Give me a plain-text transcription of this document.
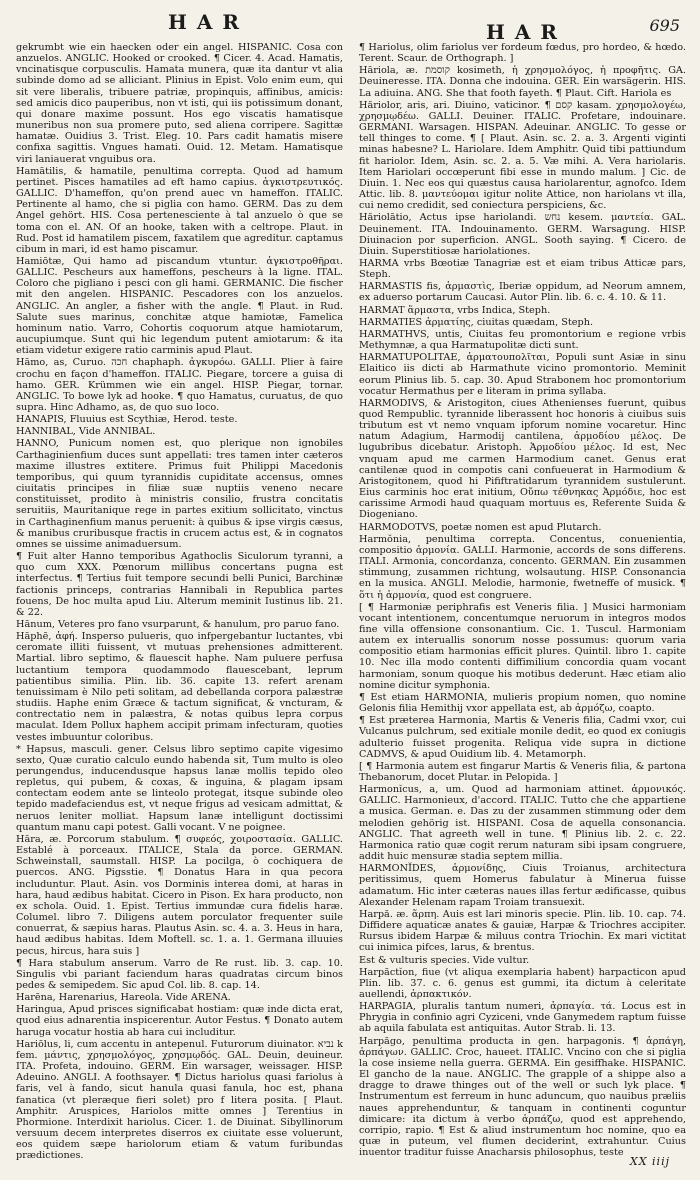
HAR	HAR	695

gekrumbt wie ein haecken oder ein angel. HISPANIC. Cosa con anzuelos. ANGLIC. Hooked or crooked. ¶ Cicer. 4. Acad. Hamatis, vncinatisque corpusculis. Hamata munera, quæ ita dantur vt alia subinde domo ad se alliciant. Plinius in Epist. Volo enim eum, qui sit vere liberalis, tribuere patriæ, propinquis, affinibus, amicis: sed amicis dico pauperibus, non vt isti, qui iis potissimum donant, qui donare maxime possunt. Hos ego viscatis hamatisque muneribus non sua promere puto, sed aliena corripere. Sagittæ hamatæ. Ouidius 3. Trist. Eleg. 10. Pars cadit hamatis misere confixa sagittis. Vngues hamati. Ouid. 12. Metam. Hamatisque viri laniauerat vnguibus ora.

Hamātilis, & hamatile, penultima correpta. Quod ad hamum pertinet. Pisces hamatiles ad eft hamo capius. ἀγκιστρευτικός. GALLIC. D'hameffon, qu'on prend auec vn hameffon. ITALIC. Pertinente al hamo, che si piglia con hamo. GERM. Das zu dem Angel gehört. HIS. Cosa pertenesciente à tal anzuelo ò que se toma con el. AN. Of an hooke, taken with a celtrope. Plaut. in Rud. Post id hamatilem piscem, faxatilem que agreditur. captamus cibum in mari, id est hamo piscamur.

Hamiōtæ, Qui hamo ad piscandum vtuntur. ἀγκιστροθῆραι. GALLIC. Pescheurs aux hameffons, pescheurs à la ligne. ITAL. Coloro che pigliano i pesci con gli hami. GERMANIC. Die fischer mit den angelen. HISPANIC. Pescadores con los anzuelos. ANGLIC. An angler, a fisher with the angle. ¶ Plaut. in Rud. Salute sues marinus, conchitæ atque hamiotæ, Famelica hominum natio. Varro, Cohortis coquorum atque hamiotarum, aucupiumque. Sunt qui hic legendum putent amiotarum: & ita etiam videtur exigere ratio carminis apud Plaut.

Hāmo, as, Curuo. חכה chaphaph. ἀγκυρόω. GALLI. Plier à faire crochu en façon d'hameffon. ITALIC. Piegare, torcere a guisa di hamo. GER. Krümmen wie ein angel. HISP. Piegar, tornar. ANGLIC. To bowe lyk ad hooke. ¶ quo Hamatus, curuatus, de quo supra. Hinc Adhamo, as, de quo suo loco.

HANAPIS, Fluuius est Scythiæ, Herod. teste.

HANNIBAL, Vide ANNIBAL.

HANNO, Punicum nomen est, quo plerique non ignobiles Carthaginienfium duces sunt appellati: tres tamen inter cæteros maxime illustres extitere. Primus fuit Philippi Macedonis temporibus, qui quum tyrannidis cupiditate accensus, omnes ciuitatis principes in filiæ suæ nuptiis veneno necare constituisset, prodito à ministris consilio, frustra concitatis seruitiis, Mauritanique rege in partes exitium sollicitato, vinctus in Carthaginenfium manus peruenit: à quibus & ipse virgis cæsus, & manibus cruribusque fractis in crucem actus est, & in cognatos omnes se uissime animaduersum.

¶ Fuit alter Hanno temporibus Agathoclis Siculorum tyranni, a quo cum XXX. Pœnorum millibus concertans pugna est interfectus. ¶ Tertius fuit tempore secundi belli Punici, Barchinæ factionis princeps, contrarias Hannibali in Republica partes fouens, De hoc multa apud Liu. Alterum meminit Iustinus lib. 21. & 22.

Hānum, Veteres pro fano vsurparunt, & hanulum, pro paruo fano.

Hāphē, ἁφή. Insperso pulueris, quo infpergebantur luctantes, vbi ceromate illiti fuissent, vt mutuas prehensiones admitterent. Martial. libro septimo, & flauescit haphe. Nam puluere perfusa luctantium tempora quodammodo flauescebant, leprum patientibus similia. Plin. lib. 36. capite 13. refert arenam tenuissimam è Nilo peti solitam, ad debellanda corpora palæstræ studiis. Haphe enim Græce & tactum significat, & vncturam, & contrectatio nem in palæstra, & notas quibus lepra corpus maculat. Idem Pollux haphem accipit primam infecturam, quoties vestes imbuuntur coloribus.

* Hapsus, masculi. gener. Celsus libro septimo capite vigesimo sexto, Quæ curatio calculo eundo habenda sit, Tum multo is oleo perungendus, inducendusque hapsus lanæ mollis tepido oleo repletus, qui pubem, & coxas, & inguina, & plagam ipsam contectam eodem ante se linteolo protegat, itsque subinde oleo tepido madefaciendus est, vt neque frigus ad vesicam admittat, & neruos leniter molliat. Hapsum lanæ intelligunt doctissimi quantum manu capi potest. Galli vocant. V ne poignee.

Hāra, æ. Porcorum stabulum. ¶ συφεός, χοιροστασία. GALLIC. Establé à porceaux. ITALICE, Stala da porce. GERMAN. Schweinstall, saumstall. HISP. La pocilga, ò cochiquera de puercos. ANG. Pigsstie. ¶ Donatus Hara in qua pecora includuntur. Plaut. Asin. vos Dorminis interea domi, at haras in hara, haud ædibus habitat. Cicero in Pison. Ex hara producto, non ex schola. Ouid. 1. Epist. Tertius immundæ cura fidelis haræ. Columel. libro 7. Diligens autem porculator frequenter suile conuerrat, & sæpius haras. Plautus Asin. sc. 4. a. 3. Heus in hara, haud ædibus habitas. Idem Moftell. sc. 1. a. 1. Germana illuuies pecus, hircus, hara suis ]

¶ Hara stabulum anserum. Varro de Re rust. lib. 3. cap. 10. Singulis vbi pariant faciendum haras quadratas circum binos pedes & semipedem. Sic apud Col. lib. 8. cap. 14.

Harēna, Harenarius, Hareola. Vide ARENA.

Haringua, Apud prisces significabat hostiam: quæ inde dicta erat, quod eius adnarentia inspicerentur. Autor Festus. ¶ Donato autem haruga vocatur hostia ab hara cui includitur.

Hariōlus, li, cum accentu in antepenul. Futurorum diuinator. נביא k fem. μάντις, χρησμολόγος, χρησμῳδός. GAL. Deuin, deuineur. ITA. Profeta, indouino. GERM. Ein warsager, weissager. HISP. Adeuino. ANGLI. A foothsayer. ¶ Dictus hariolus quasi fariolus à faris, vel à fando, sicut hanula quasi fanula, hoc est, phana fanatica (vt pleræque fieri solet) pro f litera posita. [ Plaut. Amphitr. Aruspices, Hariolos mitte omnes ] Terentius in Phormione. Interdixit hariolus. Cicer. 1. de Diuinat. Sibyllinorum versuum decem interpretes diserros ex ciuitate esse voluerunt, eos quidem sæpe hariolorum etiam & vatum furibundas prædictiones.

¶ Hariolus, olim fariolus ver fordeum fœdus, pro hordeo, & hœdo. Terent. Scaur. de Orthograph. ]

Hāriola, æ. קוסמת kosimeth, ἡ χρησμολόγος, ἡ προφῆτις. GA. Deuineresse. ITA. Donna che indouina. GER. Ein warsägerin. HIS. La adiuina. ANG. She that footh fayeth. ¶ Plaut. Cift. Hariola es

Hăriolor, aris, ari. Diuino, vaticinor. ¶ קסם kasam. χρησμολογέω, χρησμῳδέω. GALLI. Deuiner. ITALIC. Profetare, indouinare. GERMANI. Warsagen. HISPAN. Adeuinar. ANGLIC. To gesse or tell thinges to come. ¶ [ Plaut. Asin. sc. 2. a. 3. Argenti viginti minas habesne? L. Hariolare. Idem Amphitr. Quid tibi pattiundum fit hariolor. Idem, Asin. sc. 2. a. 5. Væ mihi. A. Vera hariolaris. Item Hariolari occœperunt fibi esse in mundo malum. ] Cic. de Diuin. 1. Nec eos qui quæstus causa hariolarentur, agnofco. Idem Attic. lib. 8. μαντεύομαι igitur nolite Attice, non hariolans vt illa, cui nemo credidit, sed coniectura perspiciens, &c.

Hăriolātio, Actus ipse hariolandi. נחש kesem. μαντεία. GAL. Deuinement. ITA. Indouinamento. GERM. Warsagung. HISP. Diuinacion por superficion. ANGL. Sooth saying. ¶ Cicero. de Diuin. Superstitiosæ hariolationes.

HARMA vrbs Bœotiæ Tanagriæ est et eiam tribus Atticæ pars, Steph.

HARMASTIS fis, ἁρμαστὶς, Iberiæ oppidum, ad Neorum amnem, ex aduerso portarum Caucasi. Autor Plin. lib. 6. c. 4. 10. & 11.

HARMAT ἅρμαστα, vrbs Indica, Steph.

HARMATIES ἁρματίης, ciuitas quædam, Steph.

HARMATHVS, untis, Ciuitas feu promontorium e regione vrbis Methymnæ, a qua Harmatupolitæ dicti sunt.

HARMATUPOLITAE, ἁρματουπολῖται, Populi sunt Asiæ in sinu Elaitico iis dicti ab Harmathute vicino promontorio. Meminit eorum Plinius lib. 5. cap. 30. Apud Strabonem hoc promontorium vocatur Hermathus per e literam in prima syllaba.

HARMODIVS, & Aristogiton, ciues Athenienses fuerunt, quibus quod Rempublic. tyrannide liberassent hoc honoris à ciuibus suis tributum est vt nemo vnquam ipforum nomine vocaretur. Hinc natum Adagium, Harmodij cantilena, ἁρμοδίου μέλος. De lugubribus dicebatur. Aristoph. Ἁρμοδίου μέλος. Id est, Nec vnquam apud me carmen Harmodium canet. Genus erat cantilenæ quod in compotis cani confueuerat in Harmodium & Aristogitonem, quod hi Pififtratidarum tyrannidem sustulerunt. Eius carminis hoc erat initium, Οὔπω τέθνηκας Ἁρμόδιε, hoc est carissime Armodi haud quaquam mortuus es, Referente Suida & Diogeniano.

HARMODOTVS, poetæ nomen est apud Plutarch.

Harmŏnia, penultima correpta. Concentus, conuenientia, compositio ἁρμονία. GALLI. Harmonie, accords de sons differens. ITALI. Armonia, concordanza, concento. GERMAN. Ein zusammen stimmung, zusammen richtung, wolsautung. HISP. Consonancia en la musica. ANGLI. Melodie, harmonie, fwetneffe of musick. ¶ ὅτι ἡ ἁρμονία, quod est congruere.

[ ¶ Harmoniæ periphrafis est Veneris filia. ] Musici harmoniam vocant intentionem, concentumque neruorum in integros modos fine villa offensione consonantium. Cic. 1. Tuscul. Harmoniam autem ex interuallis sonorum nosse possumus: quorum varia compositio etiam harmonias efficit plures. Quintil. libro 1. capite 10. Nec illa modo contenti diffimilium concordia quam vocant harmoniam, sonum quoque his motibus dederunt. Hæc etiam alio nomine dicitur symphonia.

¶ Est etiam HARMONIA, mulieris propium nomen, quo nomine Gelonis filia Hemithij vxor appellata est, ab ἁρμόζω, coapto.

¶ Est præterea Harmonia, Martis & Veneris filia, Cadmi vxor, cui Vulcanus pulchrum, sed exitiale monile dedit, eo quod ex coniugis adulterio fuisset progenita. Reliqua vide supra in dictione CADMVS, & apud Ouidium lib. 4. Metamorph.

[ ¶ Harmonia autem est fingarur Martis & Veneris filia, & partona Thebanorum, docet Plutar. in Pelopida. ]

Harmonĭcus, a, um. Quod ad harmoniam attinet. ἁρμονικός. GALLIC. Harmonieux, d'accord. ITALIC. Tutto che che appartiene a musica. German. e. Das zu der zusammen stimmung oder dem melodien gehörig ist. HISPANI. Cosa de aquella consonancia. ANGLIC. That agreeth well in tune. ¶ Plinius lib. 2. c. 22. Harmonica ratio quæ cogit rerum naturam sibi ipsam congruere, addit huic mensuræ stadia septem millia.

HARMONĬDES, ἁρμονίδης, Ciuis Troianus, architectura peritissimus, quem Homerus fabulatur à Minerua fuisse adamatum. Hic inter cæteras naues illas fertur ædificasse, quibus Alexander Helenam rapam Troiam transuexit.

Harpă. æ. ἅρπη. Auis est lari minoris specie. Plin. lib. 10. cap. 74. Diffidere aquaticæ anates & gauiæ, Harpæ & Triochres accipiter. Rursus ibidem Harpæ & miluus contra Triochin. Ex mari victitat cui inimica pifces, larus, & brentus.

Est & vulturis species. Vide vultur.

Harpăctĭon, fiue (vt aliqua exemplaria habent) harpacticon apud Plin. lib. 37. c. 6. genus est gummi, ita dictum à celeritate auellendi, ἁρπακτικόν.

HARPAGIA, pluralis tantum numeri, ἁρπαγία. τά. Locus est in Phrygia in confinio agri Cyziceni, vnde Ganymedem raptum fuisse ab aquila fabulata est antiquitas. Autor Strab. li. 13.

Harpăgo, penultima producta in gen. harpagonis. ¶ ἁρπάγη, ἁρπάγων. GALLIC. Croc, haueet. ITALIC. Vncino con che si piglia la cose insieme nella guerra. GERMA. Ein gesiffhake. HISPANIC. El gancho de la naue. ANGLIC. The grapple of a shippe also a dragge to drawe thinges out of the well or such lyk place. ¶ Instrumentum est ferreum in hunc aduncum, quo nauibus præliis naues apprehenduntur, & tanquam in continenti coguntur dimicare: ita dictum à verbo ἁρπάζω, quod est apprehendo, corripio, rapio. ¶ Est & aliud instrumentum hoc nomine, quo ea quæ in puteum, vel flumen deciderint, extrahuntur. Cuius inuentor traditur fuisse Anacharsis philosophus, teste

XX iiij
